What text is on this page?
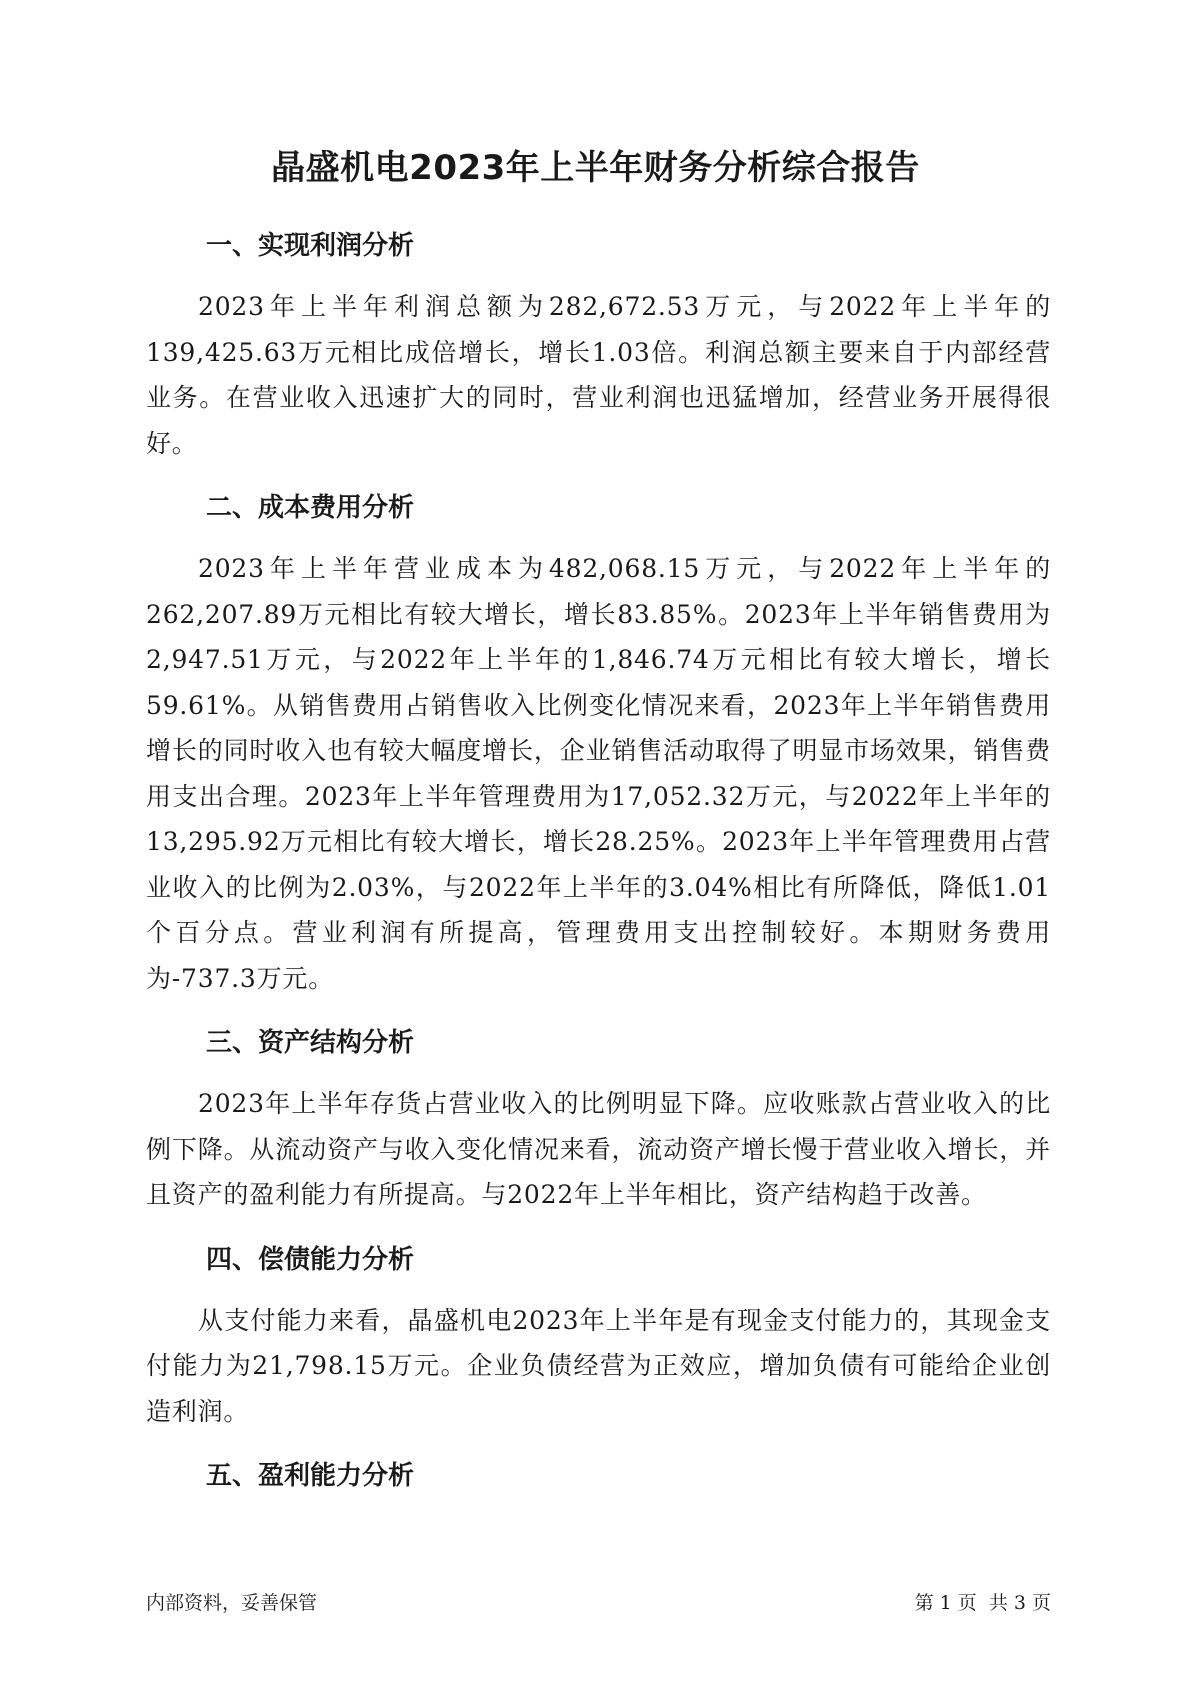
晶盛机电2023年上半年财务分析综合报告
一、实现利润分析

2023年上半年利润总额为282,672.53万元，与2022年上半年的139,425.63万元相比成倍增长，增长1.03倍。利润总额主要来自于内部经营业务。在营业收入迅速扩大的同时，营业利润也迅猛增加，经营业务开展得很好。

二、成本费用分析

2023年上半年营业成本为482,068.15万元，与2022年上半年的262,207.89万元相比有较大增长，增长83.85%。2023年上半年销售费用为2,947.51万元，与2022年上半年的1,846.74万元相比有较大增长，增长59.61%。从销售费用占销售收入比例变化情况来看，2023年上半年销售费用增长的同时收入也有较大幅度增长，企业销售活动取得了明显市场效果，销售费用支出合理。2023年上半年管理费用为17,052.32万元，与2022年上半年的13,295.92万元相比有较大增长，增长28.25%。2023年上半年管理费用占营业收入的比例为2.03%，与2022年上半年的3.04%相比有所降低，降低1.01个百分点。营业利润有所提高，管理费用支出控制较好。本期财务费用为-737.3万元。

三、资产结构分析

2023年上半年存货占营业收入的比例明显下降。应收账款占营业收入的比例下降。从流动资产与收入变化情况来看，流动资产增长慢于营业收入增长，并且资产的盈利能力有所提高。与2022年上半年相比，资产结构趋于改善。

四、偿债能力分析

从支付能力来看，晶盛机电2023年上半年是有现金支付能力的，其现金支付能力为21,798.15万元。企业负债经营为正效应，增加负债有可能给企业创造利润。

五、盈利能力分析
内部资料，妥善保管	第 1 页 共 3 页
